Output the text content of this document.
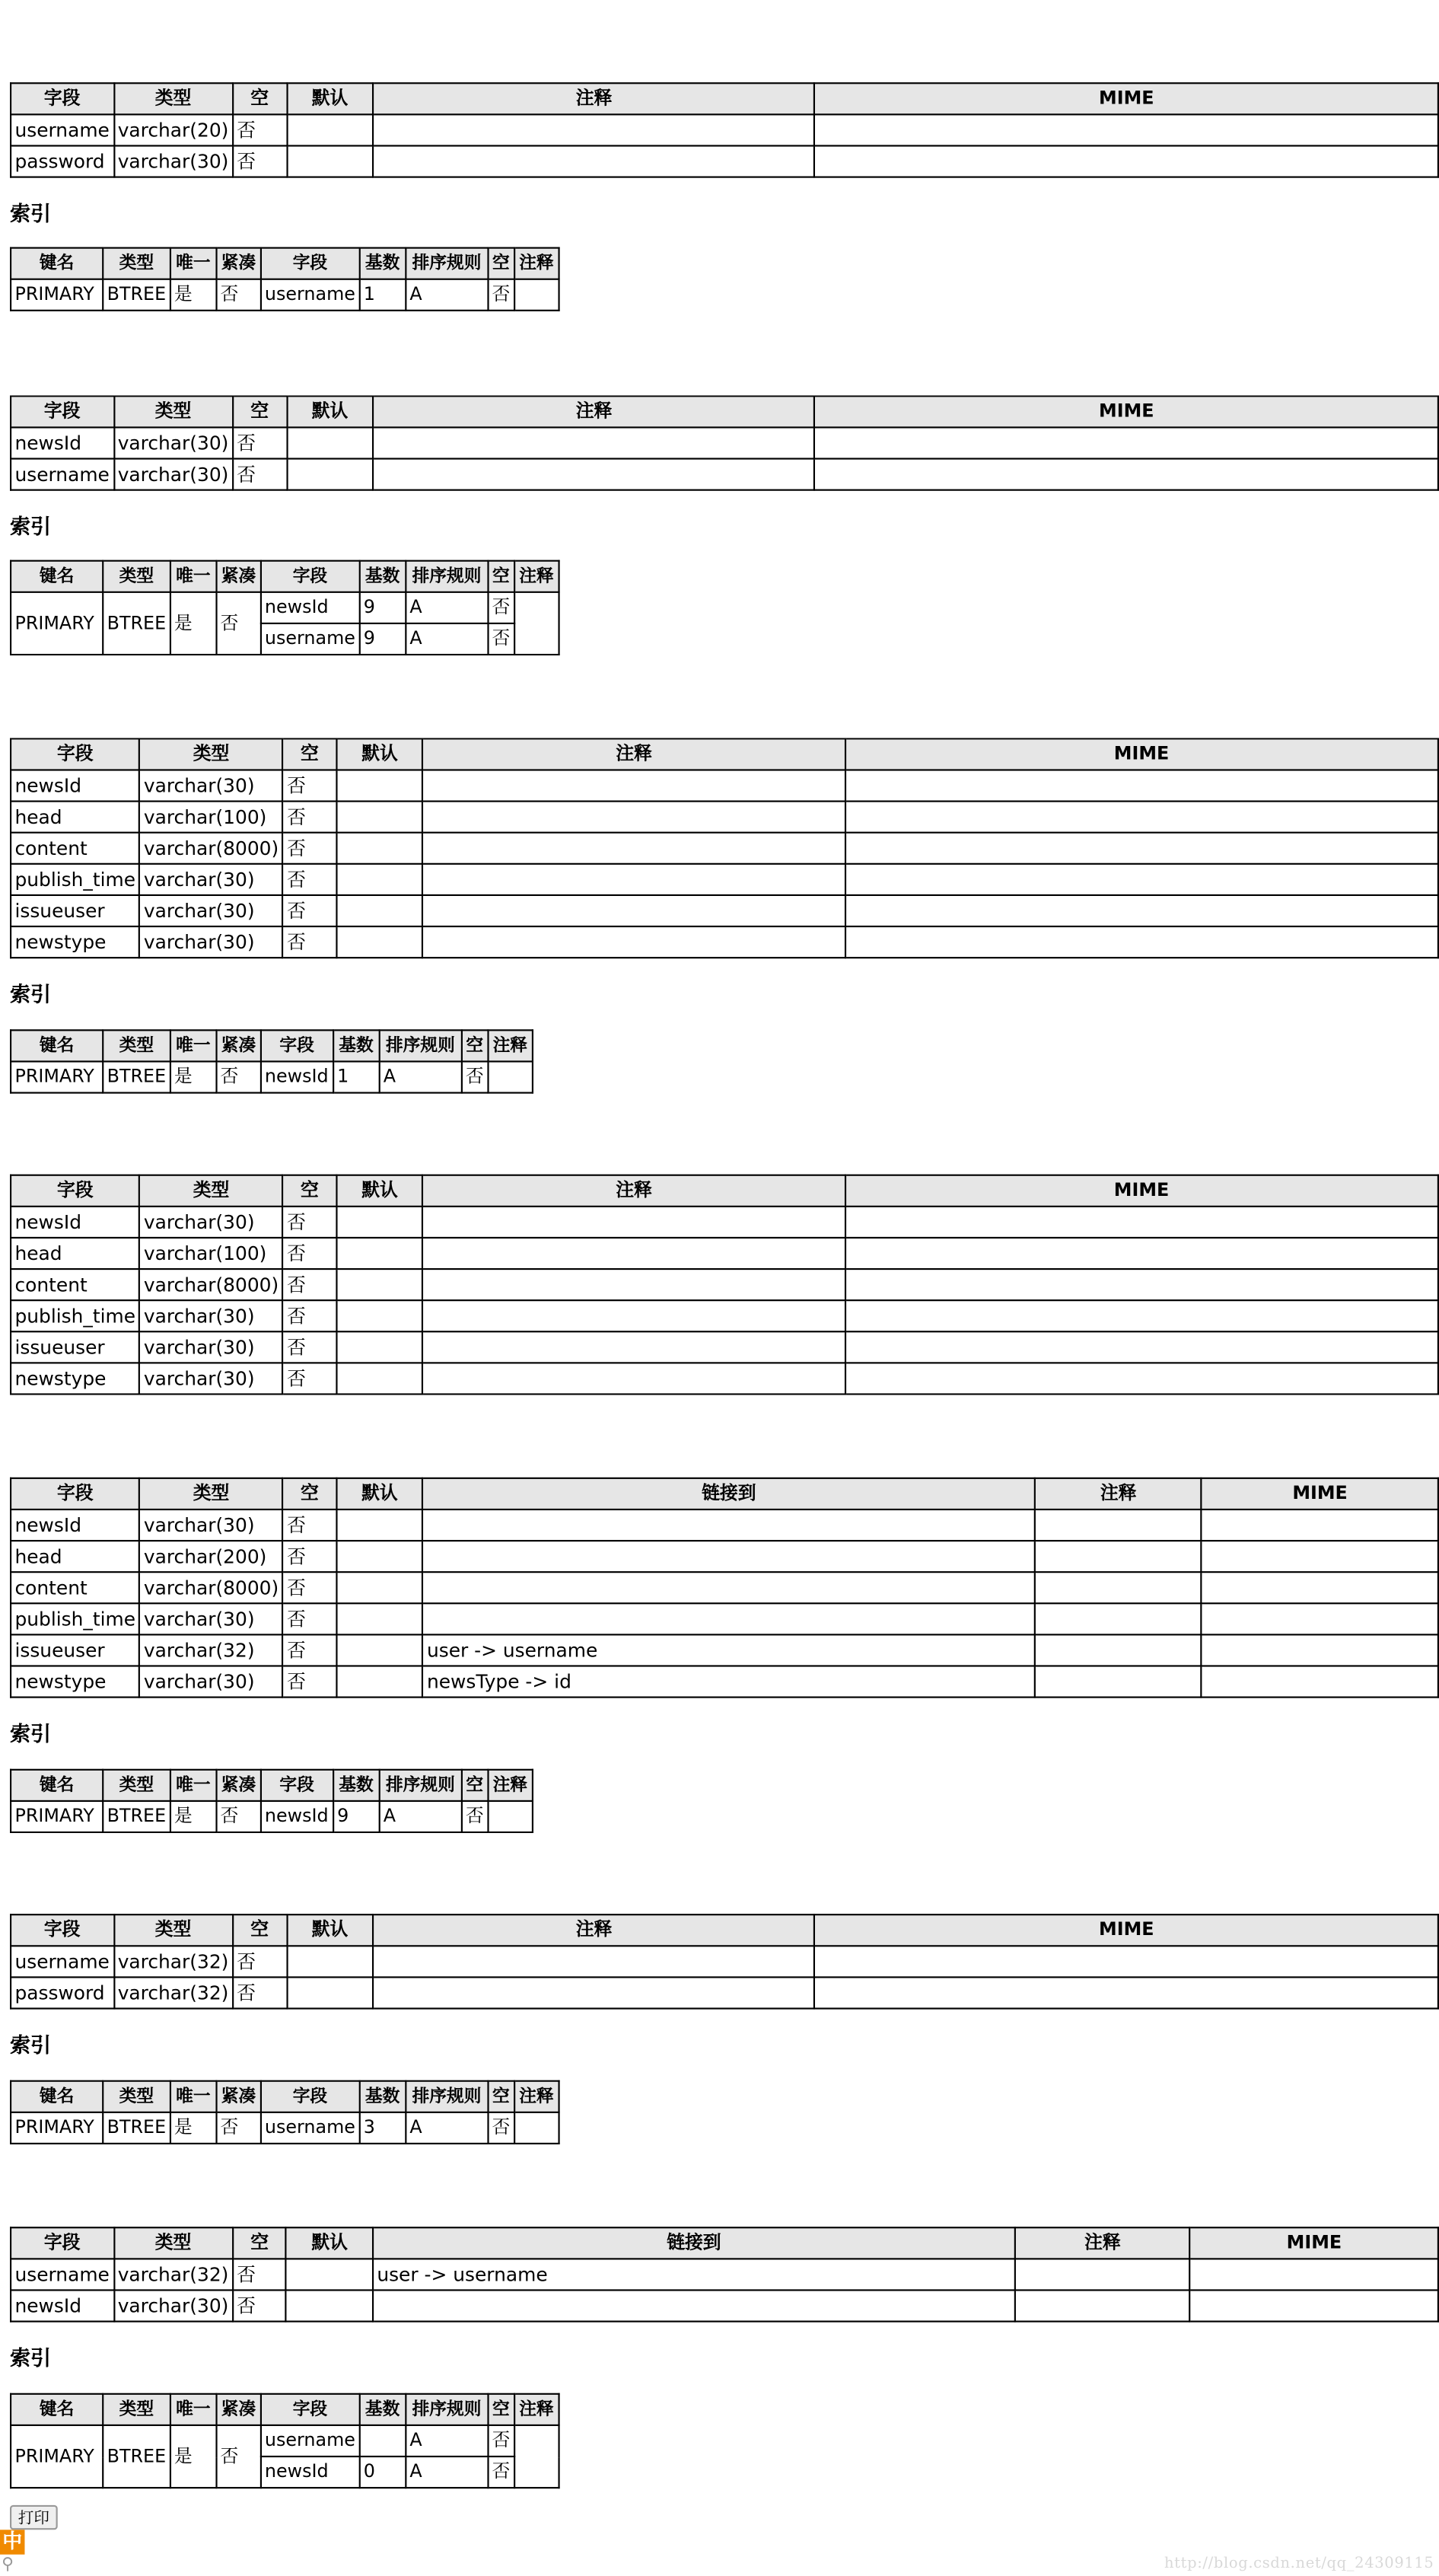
字段	类型	空	默认	注释	MIME
username	varchar(20)	否			
password	varchar(30)	否			
索引
键名	类型	唯一	紧凑	字段	基数	排序规则	空	注释
PRIMARY	BTREE	是	否	username	1	A	否	
字段	类型	空	默认	注释	MIME
newsId	varchar(30)	否			
username	varchar(30)	否			
索引
键名	类型	唯一	紧凑	字段	基数	排序规则	空	注释
PRIMARY	BTREE	是	否	newsId	9	A	否	
				username	9	A	否	
字段	类型	空	默认	注释	MIME
newsId	varchar(30)	否			
head	varchar(100)	否			
content	varchar(8000)	否			
publish_time	varchar(30)	否			
issueuser	varchar(30)	否			
newstype	varchar(30)	否			
索引
键名	类型	唯一	紧凑	字段	基数	排序规则	空	注释
PRIMARY	BTREE	是	否	newsId	1	A	否	
字段	类型	空	默认	注释	MIME
newsId	varchar(30)	否			
head	varchar(100)	否			
content	varchar(8000)	否			
publish_time	varchar(30)	否			
issueuser	varchar(30)	否			
newstype	varchar(30)	否			
字段	类型	空	默认	链接到	注释	MIME
newsId	varchar(30)	否				
head	varchar(200)	否				
content	varchar(8000)	否				
publish_time	varchar(30)	否				
issueuser	varchar(32)	否		user -> username		
newstype	varchar(30)	否		newsType -> id		
索引
键名	类型	唯一	紧凑	字段	基数	排序规则	空	注释
PRIMARY	BTREE	是	否	newsId	9	A	否	
字段	类型	空	默认	注释	MIME
username	varchar(32)	否			
password	varchar(32)	否			
索引
键名	类型	唯一	紧凑	字段	基数	排序规则	空	注释
PRIMARY	BTREE	是	否	username	3	A	否	
字段	类型	空	默认	链接到	注释	MIME
username	varchar(32)	否		user -> username		
newsId	varchar(30)	否				
索引
键名	类型	唯一	紧凑	字段	基数	排序规则	空	注释
PRIMARY	BTREE	是	否	username		A	否	
				newsId	0	A	否	
打印
中
⚲	http://blog.csdn.net/qq_24309115
